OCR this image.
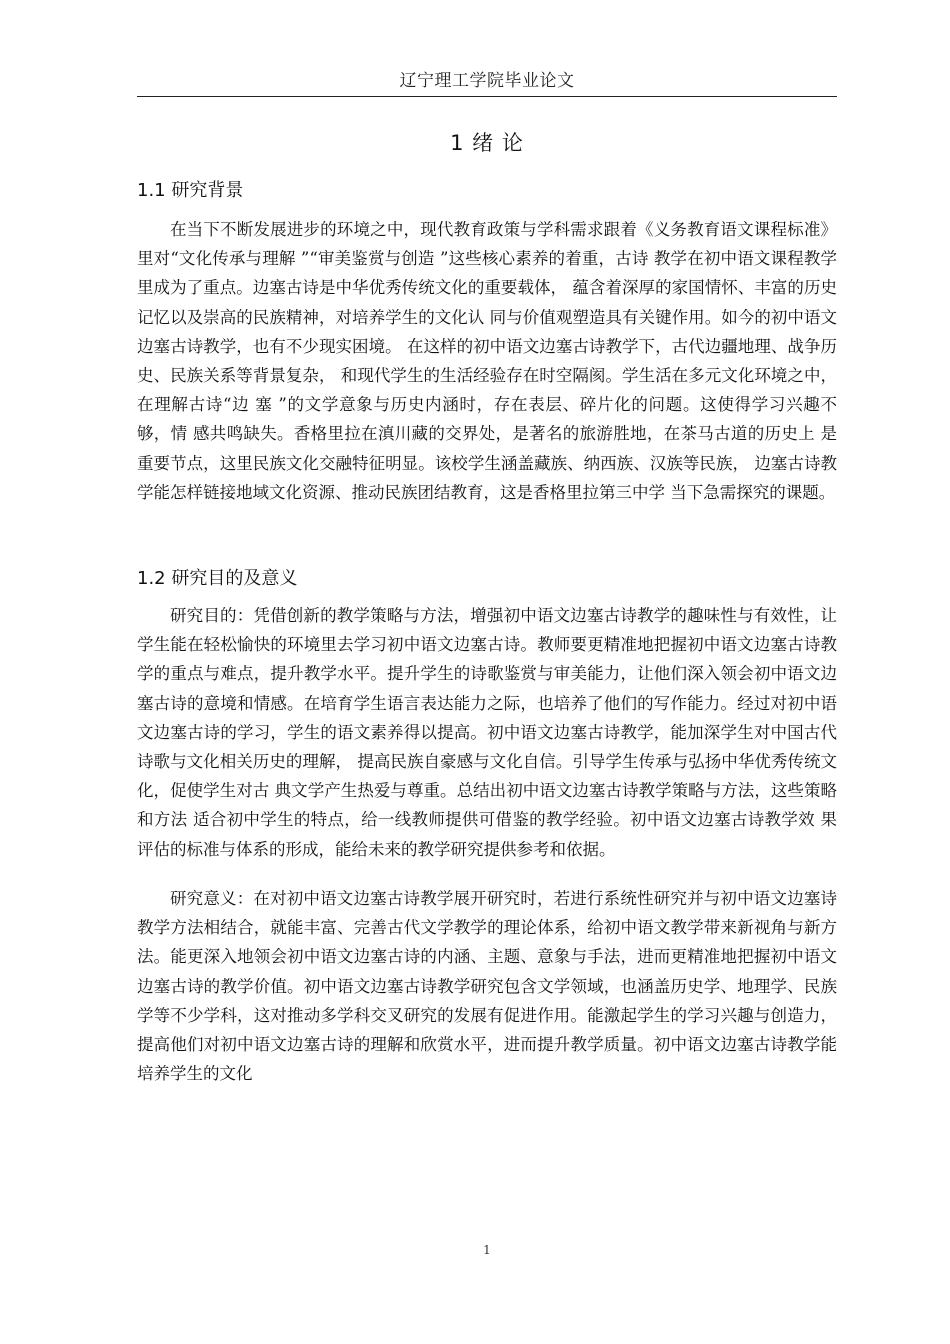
辽宁理工学院毕业论文
1 绪 论
1.1 研究背景

在当下不断发展进步的环境之中，现代教育政策与学科需求跟着《义务教育语文课程标准》里对“文化传承与理解 ”“审美鉴赏与创造 ”这些核心素养的着重，古诗 教学在初中语文课程教学里成为了重点。边塞古诗是中华优秀传统文化的重要载体， 蕴含着深厚的家国情怀、丰富的历史记忆以及崇高的民族精神，对培养学生的文化认 同与价值观塑造具有关键作用。如今的初中语文边塞古诗教学，也有不少现实困境。 在这样的初中语文边塞古诗教学下，古代边疆地理、战争历史、民族关系等背景复杂， 和现代学生的生活经验存在时空隔阂。学生活在多元文化环境之中，在理解古诗“边 塞 ”的文学意象与历史内涵时，存在表层、碎片化的问题。这使得学习兴趣不够，情 感共鸣缺失。香格里拉在滇川藏的交界处，是著名的旅游胜地，在茶马古道的历史上 是重要节点，这里民族文化交融特征明显。该校学生涵盖藏族、纳西族、汉族等民族， 边塞古诗教学能怎样链接地域文化资源、推动民族团结教育，这是香格里拉第三中学 当下急需探究的课题。

1.2 研究目的及意义

研究目的：凭借创新的教学策略与方法，增强初中语文边塞古诗教学的趣味性与有效性，让学生能在轻松愉快的环境里去学习初中语文边塞古诗。教师要更精准地把握初中语文边塞古诗教学的重点与难点，提升教学水平。提升学生的诗歌鉴赏与审美能力，让他们深入领会初中语文边塞古诗的意境和情感。在培育学生语言表达能力之际，也培养了他们的写作能力。经过对初中语文边塞古诗的学习，学生的语文素养得以提高。初中语文边塞古诗教学，能加深学生对中国古代诗歌与文化相关历史的理解， 提高民族自豪感与文化自信。引导学生传承与弘扬中华优秀传统文化，促使学生对古 典文学产生热爱与尊重。总结出初中语文边塞古诗教学策略与方法，这些策略和方法 适合初中学生的特点，给一线教师提供可借鉴的教学经验。初中语文边塞古诗教学效 果评估的标准与体系的形成，能给未来的教学研究提供参考和依据。

研究意义：在对初中语文边塞古诗教学展开研究时，若进行系统性研究并与初中语文边塞诗教学方法相结合，就能丰富、完善古代文学教学的理论体系，给初中语文教学带来新视角与新方法。能更深入地领会初中语文边塞古诗的内涵、主题、意象与手法，进而更精准地把握初中语文边塞古诗的教学价值。初中语文边塞古诗教学研究包含文学领域，也涵盖历史学、地理学、民族学等不少学科，这对推动多学科交叉研究的发展有促进作用。能激起学生的学习兴趣与创造力，提高他们对初中语文边塞古诗的理解和欣赏水平，进而提升教学质量。初中语文边塞古诗教学能培养学生的文化

1
